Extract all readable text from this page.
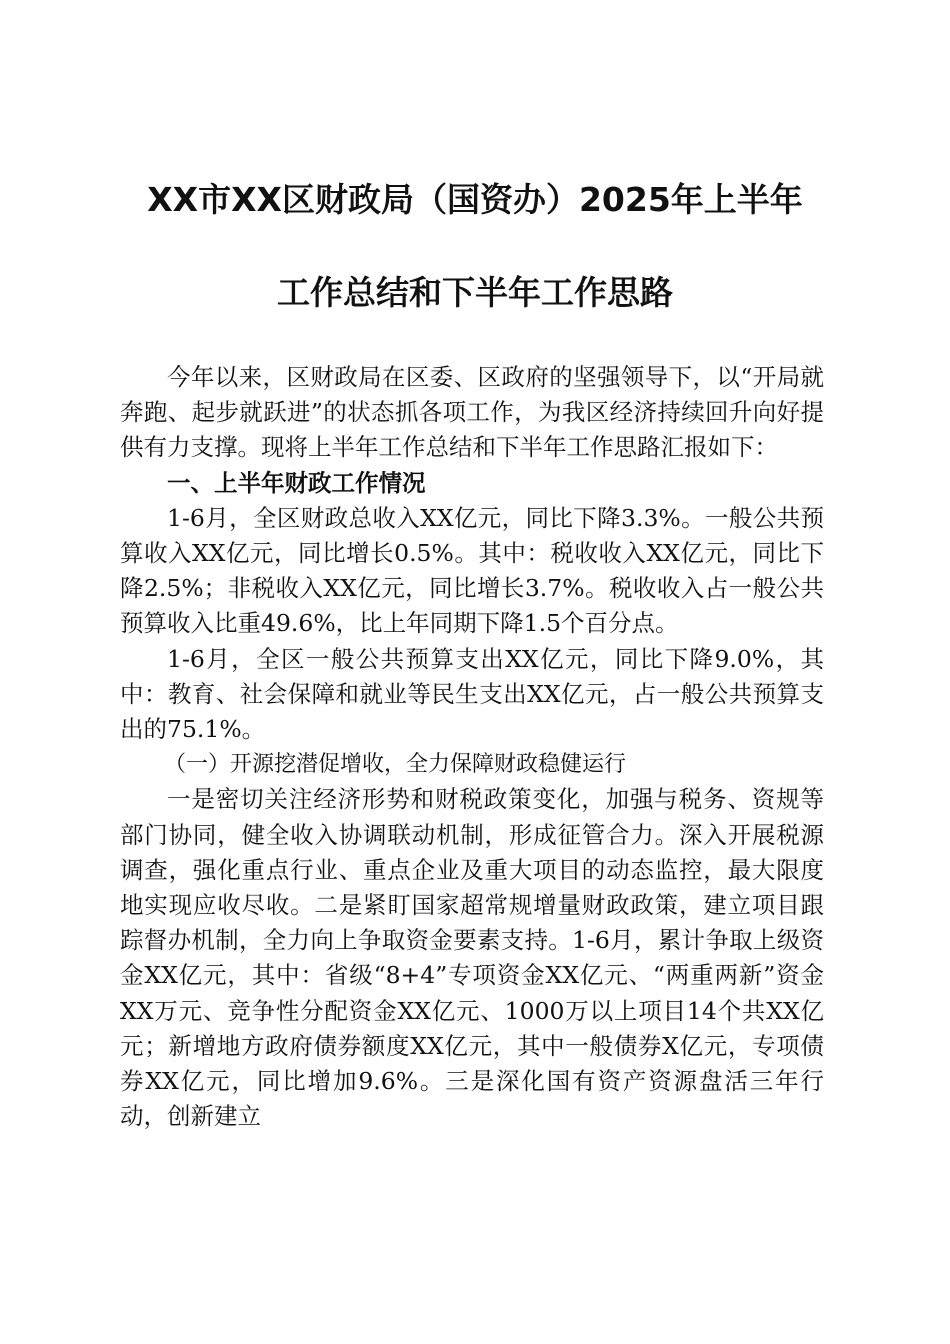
XX市XX区财政局（国资办）2025年上半年
工作总结和下半年工作思路

今年以来，区财政局在区委、区政府的坚强领导下，以“开局就奔跑、起步就跃进”的状态抓各项工作，为我区经济持续回升向好提供有力支撑。现将上半年工作总结和下半年工作思路汇报如下：

一、上半年财政工作情况

1-6月，全区财政总收入XX亿元，同比下降3.3%。一般公共预算收入XX亿元，同比增长0.5%。其中：税收收入XX亿元，同比下降2.5%；非税收入XX亿元，同比增长3.7%。税收收入占一般公共预算收入比重49.6%，比上年同期下降1.5个百分点。

1-6月，全区一般公共预算支出XX亿元，同比下降9.0%，其中：教育、社会保障和就业等民生支出XX亿元，占一般公共预算支出的75.1%。

（一）开源挖潜促增收，全力保障财政稳健运行

一是密切关注经济形势和财税政策变化，加强与税务、资规等部门协同，健全收入协调联动机制，形成征管合力。深入开展税源调查，强化重点行业、重点企业及重大项目的动态监控，最大限度地实现应收尽收。二是紧盯国家超常规增量财政政策，建立项目跟踪督办机制，全力向上争取资金要素支持。1-6月，累计争取上级资金XX亿元，其中：省级“8+4”专项资金XX亿元、“两重两新”资金XX万元、竞争性分配资金XX亿元、1000万以上项目14个共XX亿元；新增地方政府债券额度XX亿元，其中一般债券X亿元，专项债券XX亿元，同比增加9.6%。三是深化国有资产资源盘活三年行动，创新建立
